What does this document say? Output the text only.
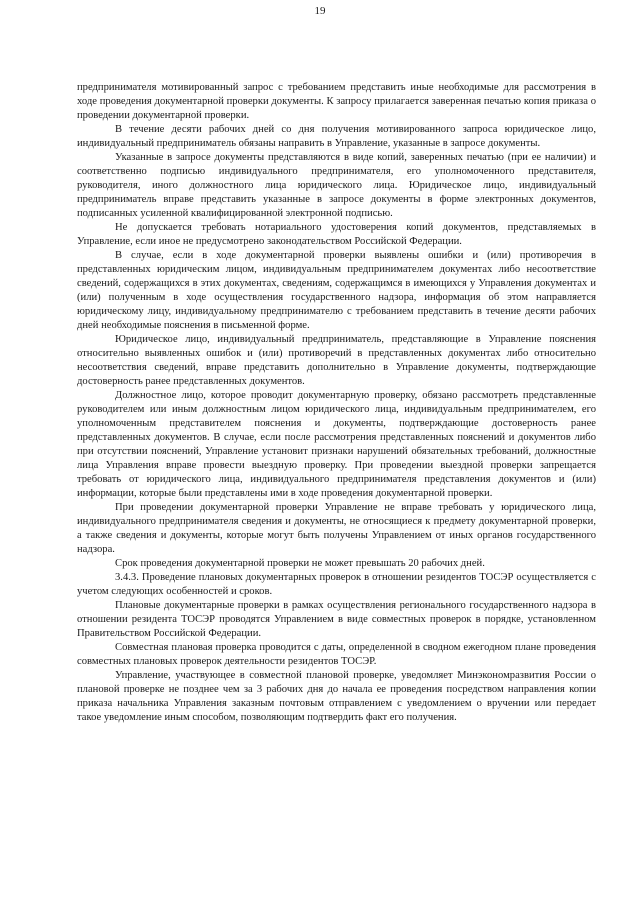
19

предпринимателя мотивированный запрос с требованием представить иные необходимые для рассмотрения в ходе проведения документарной проверки документы. К запросу прилагается заверенная печатью копия приказа о проведении документарной проверки.

В течение десяти рабочих дней со дня получения мотивированного запроса юридическое лицо, индивидуальный предприниматель обязаны направить в Управление, указанные в запросе документы.

Указанные в запросе документы представляются в виде копий, заверенных печатью (при ее наличии) и соответственно подписью индивидуального предпринимателя, его уполномоченного представителя, руководителя, иного должностного лица юридического лица. Юридическое лицо, индивидуальный предприниматель вправе представить указанные в запросе документы в форме электронных документов, подписанных усиленной квалифицированной электронной подписью.

Не допускается требовать нотариального удостоверения копий документов, представляемых в Управление, если иное не предусмотрено законодательством Российской Федерации.

В случае, если в ходе документарной проверки выявлены ошибки и (или) противоречия в представленных юридическим лицом, индивидуальным предпринимателем документах либо несоответствие сведений, содержащихся в этих документах, сведениям, содержащимся в имеющихся у Управления документах и (или) полученным в ходе осуществления государственного надзора, информация об этом направляется юридическому лицу, индивидуальному предпринимателю с требованием представить в течение десяти рабочих дней необходимые пояснения в письменной форме.

Юридическое лицо, индивидуальный предприниматель, представляющие в Управление пояснения относительно выявленных ошибок и (или) противоречий в представленных документах либо относительно несоответствия сведений, вправе представить дополнительно в Управление документы, подтверждающие достоверность ранее представленных документов.

Должностное лицо, которое проводит документарную проверку, обязано рассмотреть представленные руководителем или иным должностным лицом юридического лица, индивидуальным предпринимателем, его уполномоченным представителем пояснения и документы, подтверждающие достоверность ранее представленных документов. В случае, если после рассмотрения представленных пояснений и документов либо при отсутствии пояснений, Управление установит признаки нарушений обязательных требований, должностные лица Управления вправе провести выездную проверку. При проведении выездной проверки запрещается требовать от юридического лица, индивидуального предпринимателя представления документов и (или) информации, которые были представлены ими в ходе проведения документарной проверки.

При проведении документарной проверки Управление не вправе требовать у юридического лица, индивидуального предпринимателя сведения и документы, не относящиеся к предмету документарной проверки, а также сведения и документы, которые могут быть получены Управлением от иных органов государственного надзора.

Срок проведения документарной проверки не может превышать 20 рабочих дней.

3.4.3. Проведение плановых документарных проверок в отношении резидентов ТОСЭР осуществляется с учетом следующих особенностей и сроков.

Плановые документарные проверки в рамках осуществления регионального государственного надзора в отношении резидента ТОСЭР проводятся Управлением в виде совместных проверок в порядке, установленном Правительством Российской Федерации.

Совместная плановая проверка проводится с даты, определенной в сводном ежегодном плане проведения совместных плановых проверок деятельности резидентов ТОСЭР.

Управление, участвующее в совместной плановой проверке, уведомляет Минэкономразвития России о плановой проверке не позднее чем за 3 рабочих дня до начала ее проведения посредством направления копии приказа начальника Управления заказным почтовым отправлением с уведомлением о вручении или передает такое уведомление иным способом, позволяющим подтвердить факт его получения.
